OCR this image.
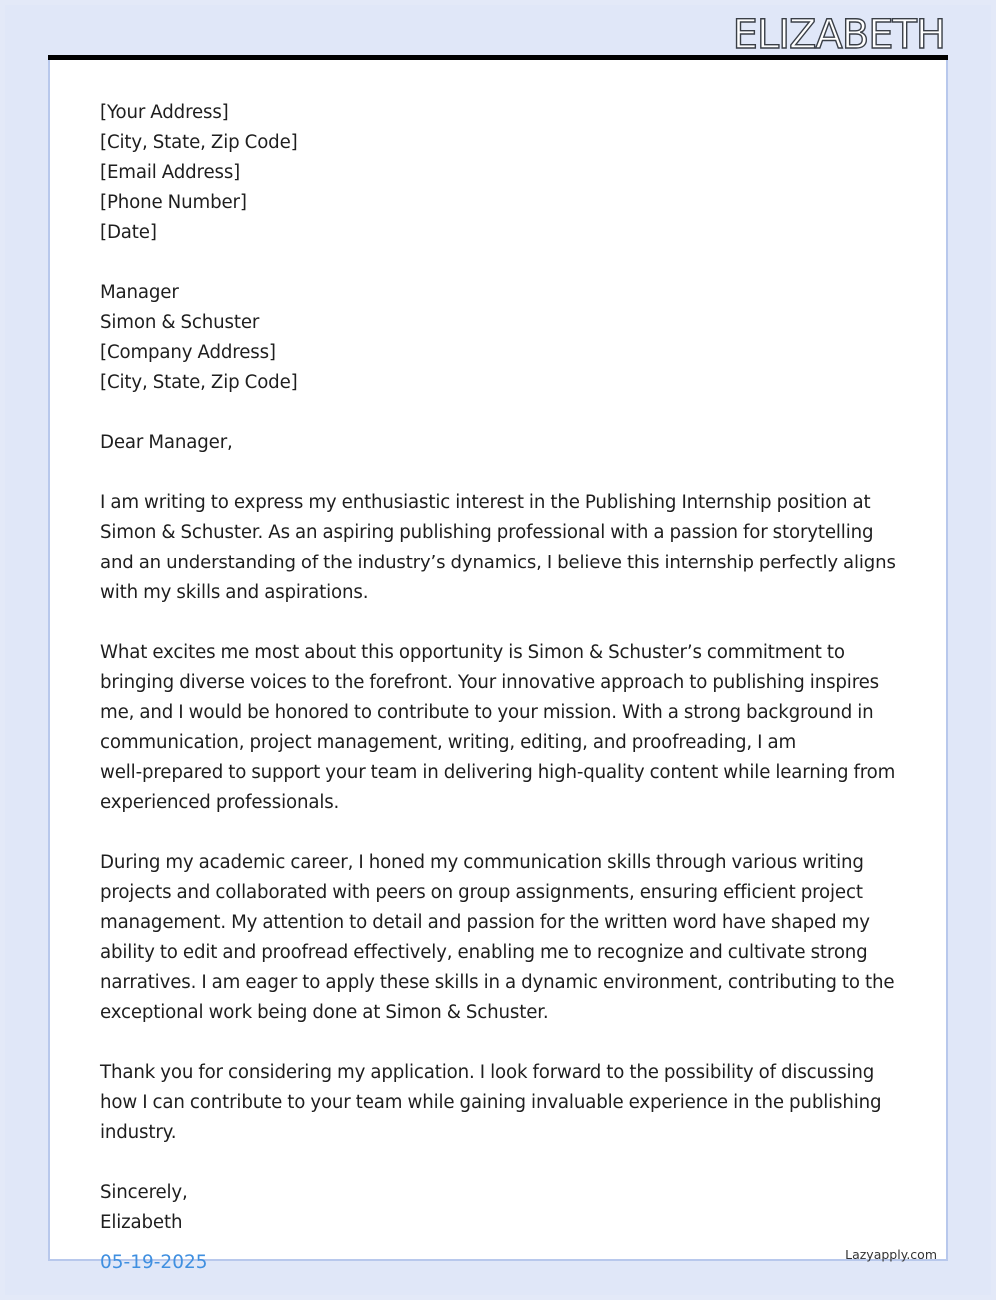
ELIZABETH
[Your Address]
[City, State, Zip Code]
[Email Address]
[Phone Number]
[Date]
Manager
Simon & Schuster
[Company Address]
[City, State, Zip Code]
Dear Manager,
I am writing to express my enthusiastic interest in the Publishing Internship position at
Simon & Schuster. As an aspiring publishing professional with a passion for storytelling
and an understanding of the industry’s dynamics, I believe this internship perfectly aligns
with my skills and aspirations.
What excites me most about this opportunity is Simon & Schuster’s commitment to
bringing diverse voices to the forefront. Your innovative approach to publishing inspires
me, and I would be honored to contribute to your mission. With a strong background in
communication, project management, writing, editing, and proofreading, I am
well-prepared to support your team in delivering high-quality content while learning from
experienced professionals.
During my academic career, I honed my communication skills through various writing
projects and collaborated with peers on group assignments, ensuring efficient project
management. My attention to detail and passion for the written word have shaped my
ability to edit and proofread effectively, enabling me to recognize and cultivate strong
narratives. I am eager to apply these skills in a dynamic environment, contributing to the
exceptional work being done at Simon & Schuster.
Thank you for considering my application. I look forward to the possibility of discussing
how I can contribute to your team while gaining invaluable experience in the publishing
industry.
Sincerely,
Elizabeth
05-19-2025	Lazyapply.com
